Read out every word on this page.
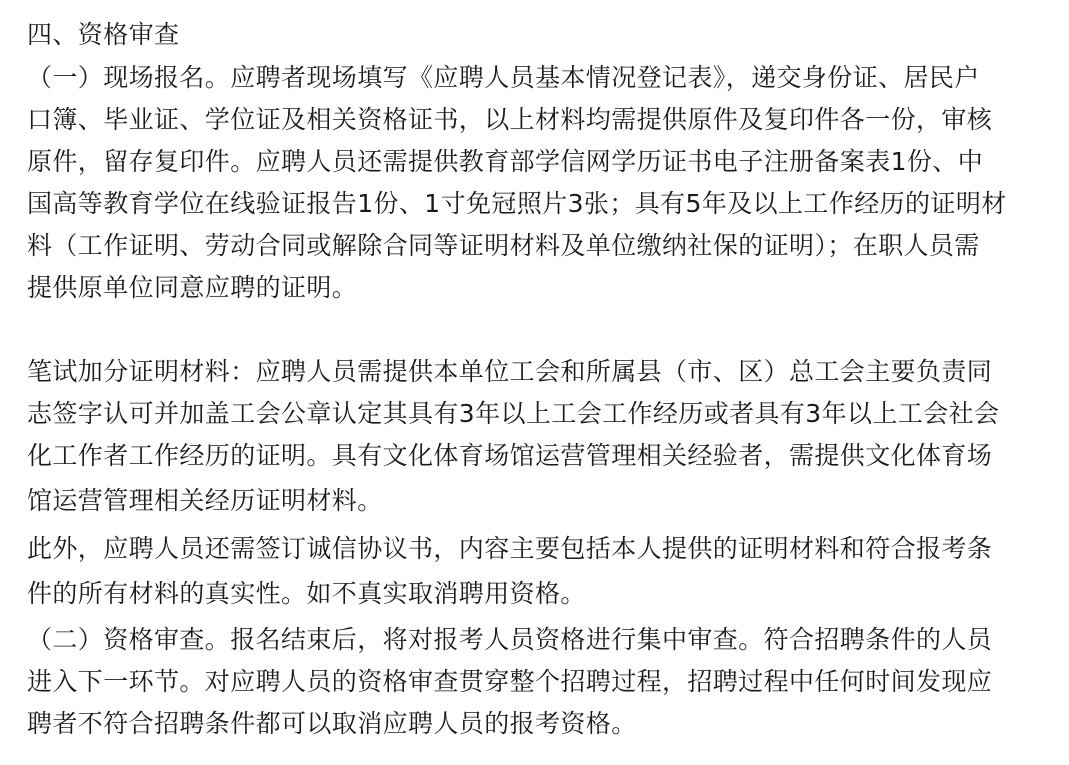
四、资格审查
（一）现场报名。应聘者现场填写《应聘人员基本情况登记表》，递交身份证、居民户
口簿、毕业证、学位证及相关资格证书，以上材料均需提供原件及复印件各一份，审核
原件，留存复印件。应聘人员还需提供教育部学信网学历证书电子注册备案表1份、中
国高等教育学位在线验证报告1份、1寸免冠照片3张；具有5年及以上工作经历的证明材
料（工作证明、劳动合同或解除合同等证明材料及单位缴纳社保的证明）；在职人员需
提供原单位同意应聘的证明。
笔试加分证明材料：应聘人员需提供本单位工会和所属县（市、区）总工会主要负责同
志签字认可并加盖工会公章认定其具有3年以上工会工作经历或者具有3年以上工会社会
化工作者工作经历的证明。具有文化体育场馆运营管理相关经验者，需提供文化体育场
馆运营管理相关经历证明材料。
此外，应聘人员还需签订诚信协议书，内容主要包括本人提供的证明材料和符合报考条
件的所有材料的真实性。如不真实取消聘用资格。
（二）资格审查。报名结束后，将对报考人员资格进行集中审查。符合招聘条件的人员
进入下一环节。对应聘人员的资格审查贯穿整个招聘过程，招聘过程中任何时间发现应
聘者不符合招聘条件都可以取消应聘人员的报考资格。
